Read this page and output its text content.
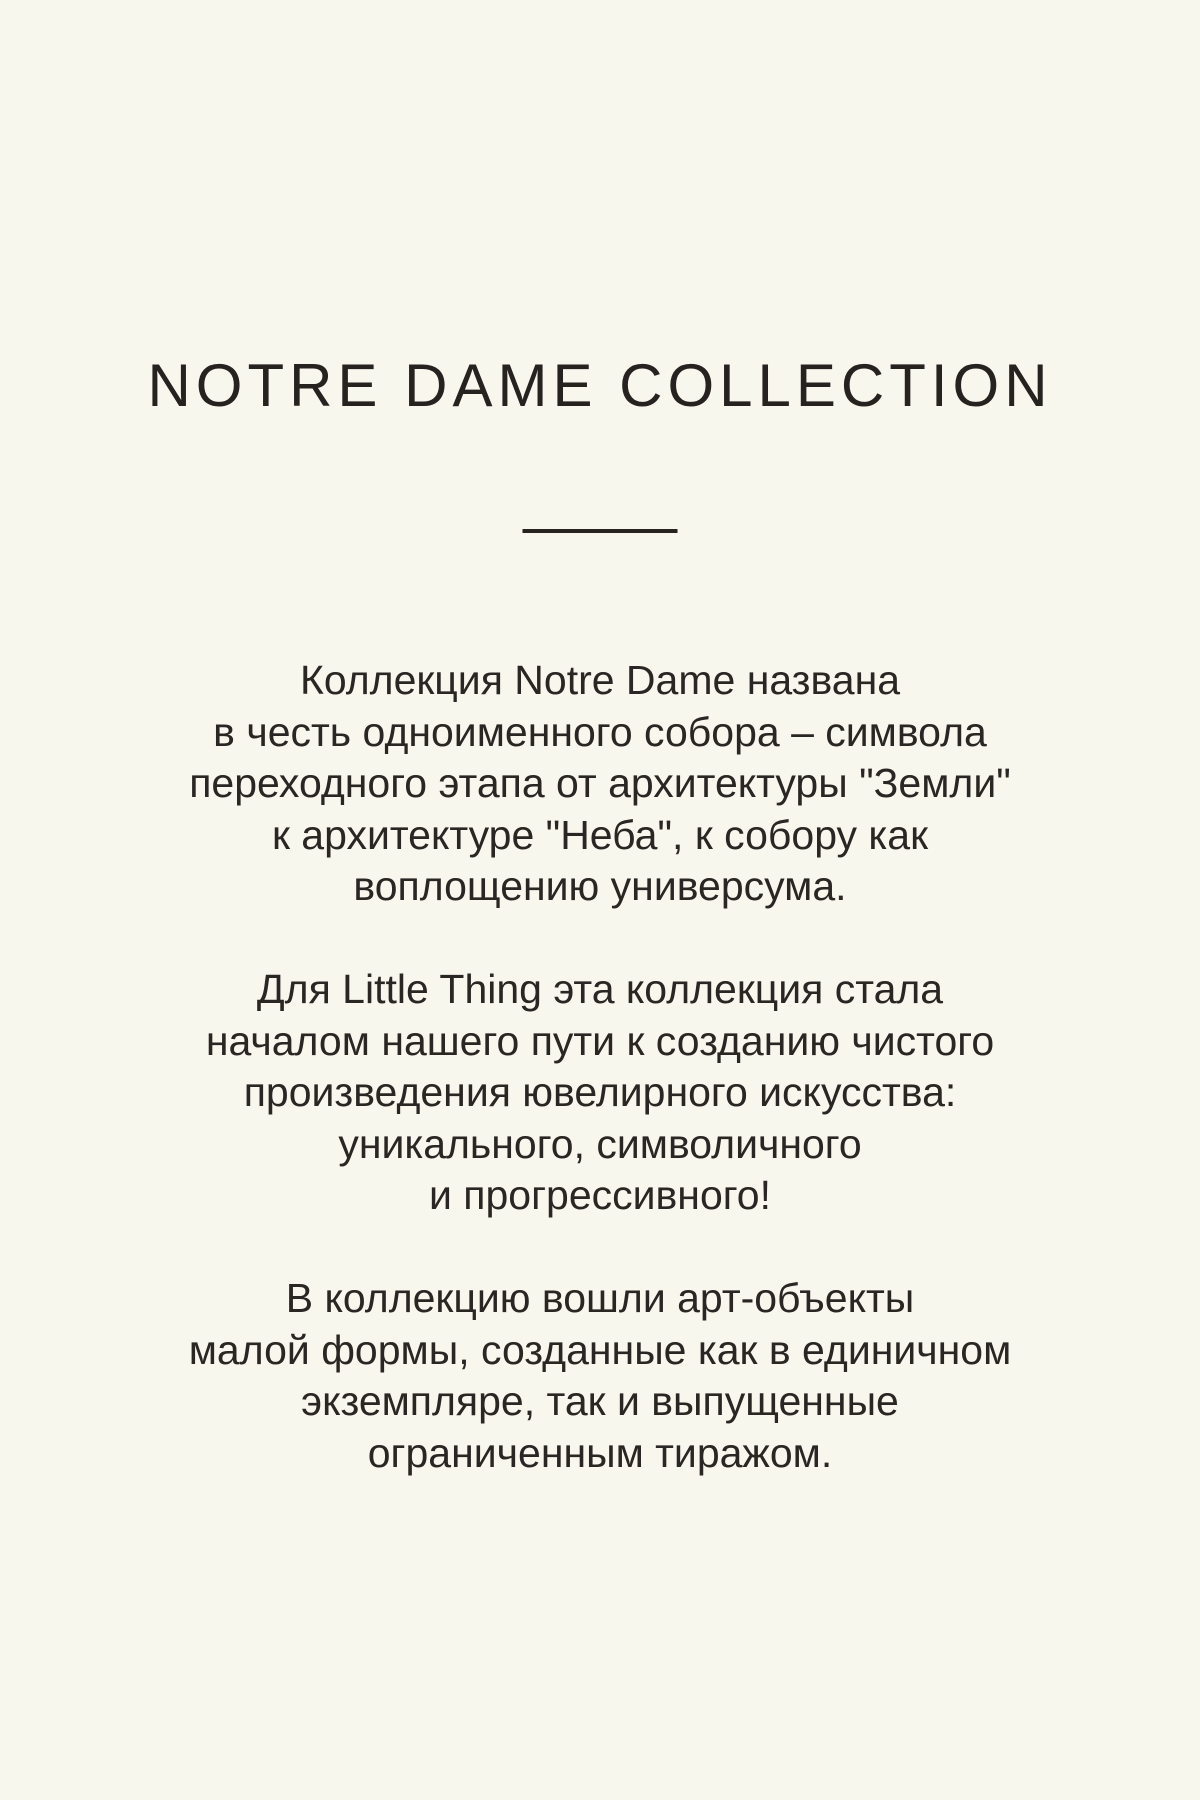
NOTRE DAME COLLECTION
Коллекция Notre Dame названа
в честь одноименного собора – символа
переходного этапа от архитектуры "Земли"
к архитектуре "Неба", к собору как
воплощению универсума.
Для Little Thing эта коллекция стала
началом нашего пути к созданию чистого
произведения ювелирного искусства:
уникального, символичного
и прогрессивного!
В коллекцию вошли арт-объекты
малой формы, созданные как в единичном
экземпляре, так и выпущенные
ограниченным тиражом.
